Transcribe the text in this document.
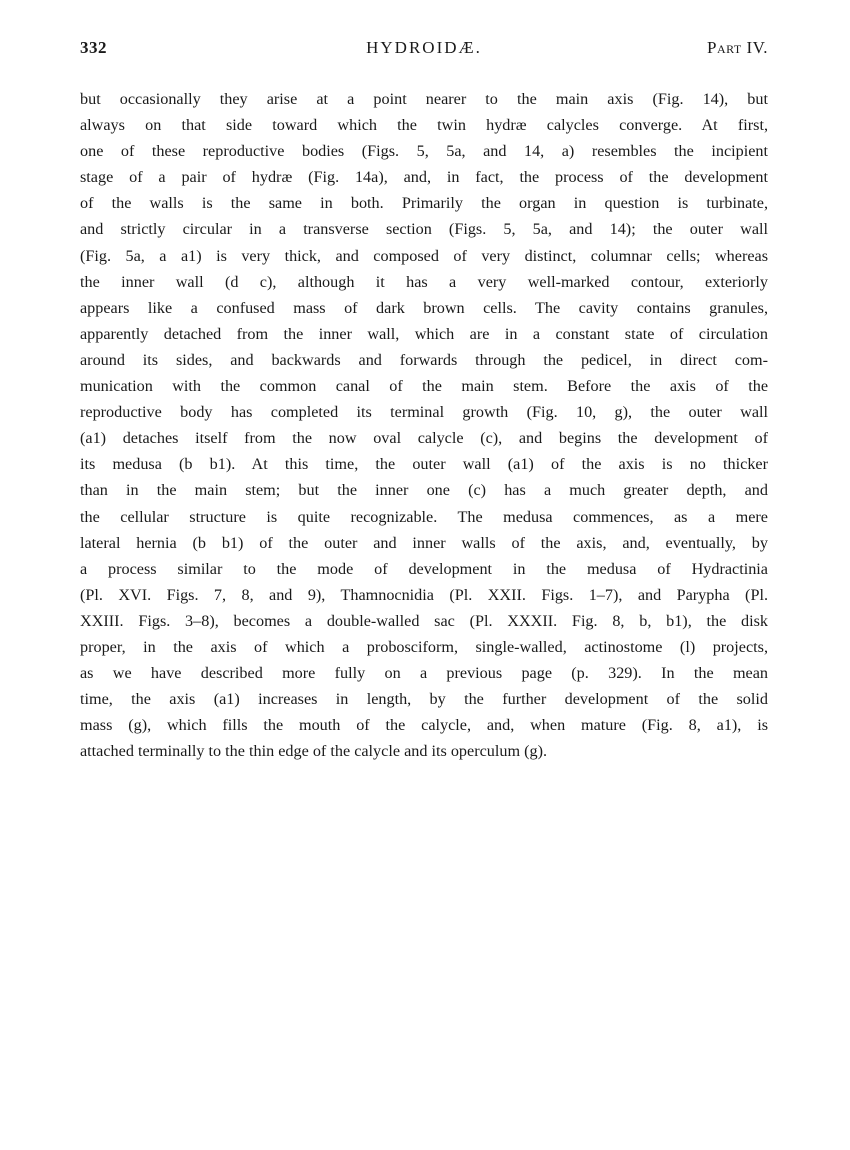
332	HYDROIDÆ.	Part IV.
but occasionally they arise at a point nearer to the main axis (Fig. 14), but
always on that side toward which the twin hydræ calycles converge. At first,
one of these reproductive bodies (Figs. 5, 5a, and 14, a) resembles the incipient
stage of a pair of hydræ (Fig. 14a), and, in fact, the process of the development
of the walls is the same in both. Primarily the organ in question is turbinate,
and strictly circular in a transverse section (Figs. 5, 5a, and 14); the outer wall
(Fig. 5a, a a1) is very thick, and composed of very distinct, columnar cells; whereas
the inner wall (d c), although it has a very well-marked contour, exteriorly
appears like a confused mass of dark brown cells. The cavity contains granules,
apparently detached from the inner wall, which are in a constant state of circulation
around its sides, and backwards and forwards through the pedicel, in direct com-
munication with the common canal of the main stem. Before the axis of the
reproductive body has completed its terminal growth (Fig. 10, g), the outer wall
(a1) detaches itself from the now oval calycle (c), and begins the development of
its medusa (b b1). At this time, the outer wall (a1) of the axis is no thicker
than in the main stem; but the inner one (c) has a much greater depth, and
the cellular structure is quite recognizable. The medusa commences, as a mere
lateral hernia (b b1) of the outer and inner walls of the axis, and, eventually, by
a process similar to the mode of development in the medusa of Hydractinia
(Pl. XVI. Figs. 7, 8, and 9), Thamnocnidia (Pl. XXII. Figs. 1–7), and Parypha (Pl.
XXIII. Figs. 3–8), becomes a double-walled sac (Pl. XXXII. Fig. 8, b, b1), the disk
proper, in the axis of which a probosciform, single-walled, actinostome (l) projects,
as we have described more fully on a previous page (p. 329). In the mean
time, the axis (a1) increases in length, by the further development of the solid
mass (g), which fills the mouth of the calycle, and, when mature (Fig. 8, a1), is
attached terminally to the thin edge of the calycle and its operculum (g).
